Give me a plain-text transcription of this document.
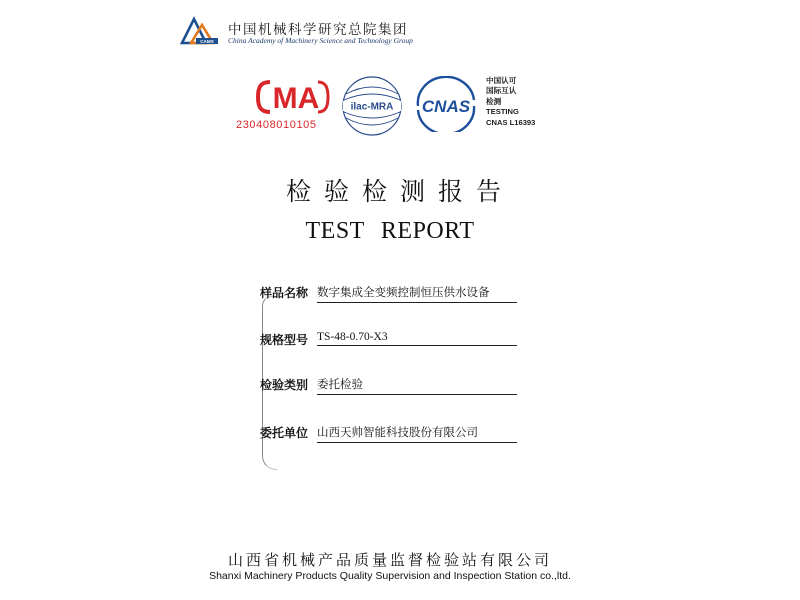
CAMS
中国机械科学研究总院集团
China Academy of Machinery Science and Technology Group
MA
230408010105
ilac-MRA CNAS
中国认可
国际互认
检测
TESTING
CNAS L16393
检验检测报告
TEST REPORT
样品名称 数字集成全变频控制恒压供水设备
规格型号 TS-48-0.70-X3
检验类别 委托检验
委托单位 山西天帅智能科技股份有限公司
山西省机械产品质量监督检验站有限公司
Shanxi Machinery Products Quality Supervision and Inspection Station co.,ltd.
